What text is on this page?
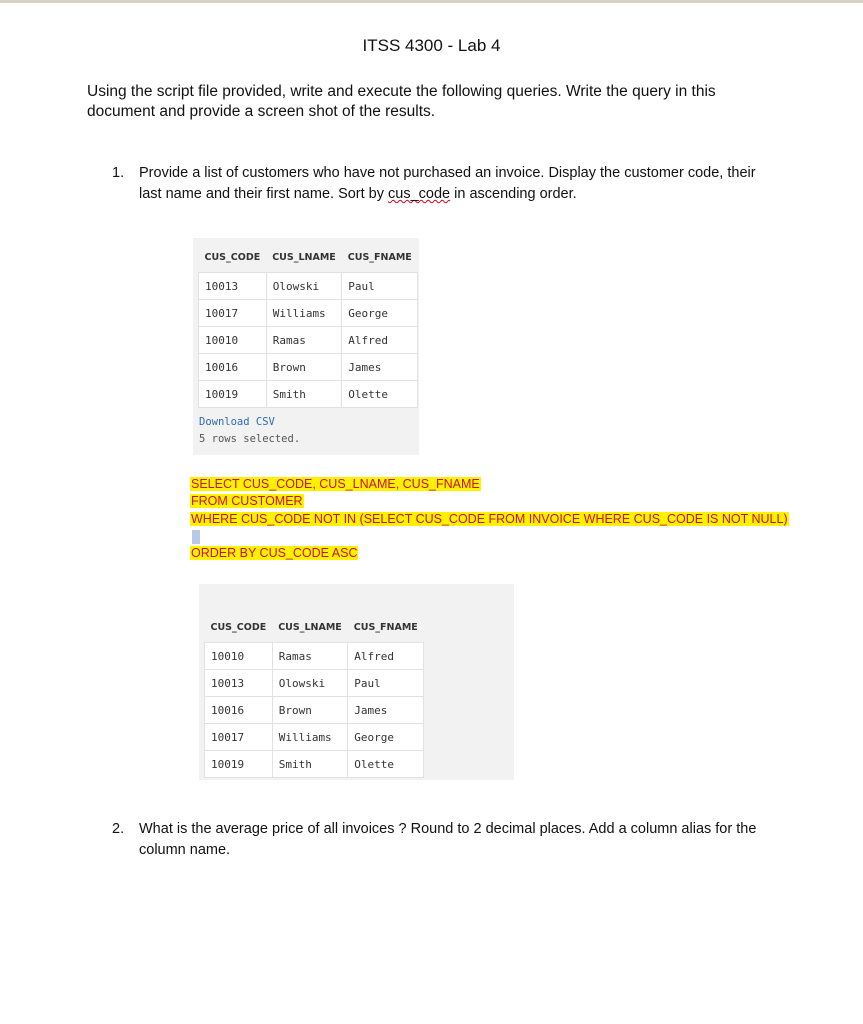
ITSS 4300 - Lab 4
Using the script file provided, write and execute the following queries. Write the query in this document and provide a screen shot of the results.
1. Provide a list of customers who have not purchased an invoice. Display the customer code, their last name and their first name. Sort by cus_code in ascending order.
CUS_CODE	CUS_LNAME	CUS_FNAME
10013	Olowski	Paul
10017	Williams	George
10010	Ramas	Alfred
10016	Brown	James
10019	Smith	Olette
Download CSV
5 rows selected.
SELECT CUS_CODE, CUS_LNAME, CUS_FNAME
FROM CUSTOMER
WHERE CUS_CODE NOT IN (SELECT CUS_CODE FROM INVOICE WHERE CUS_CODE IS NOT NULL)
ORDER BY CUS_CODE ASC
CUS_CODE	CUS_LNAME	CUS_FNAME
10010	Ramas	Alfred
10013	Olowski	Paul
10016	Brown	James
10017	Williams	George
10019	Smith	Olette
2. What is the average price of all invoices ? Round to 2 decimal places. Add a column alias for the column name.
